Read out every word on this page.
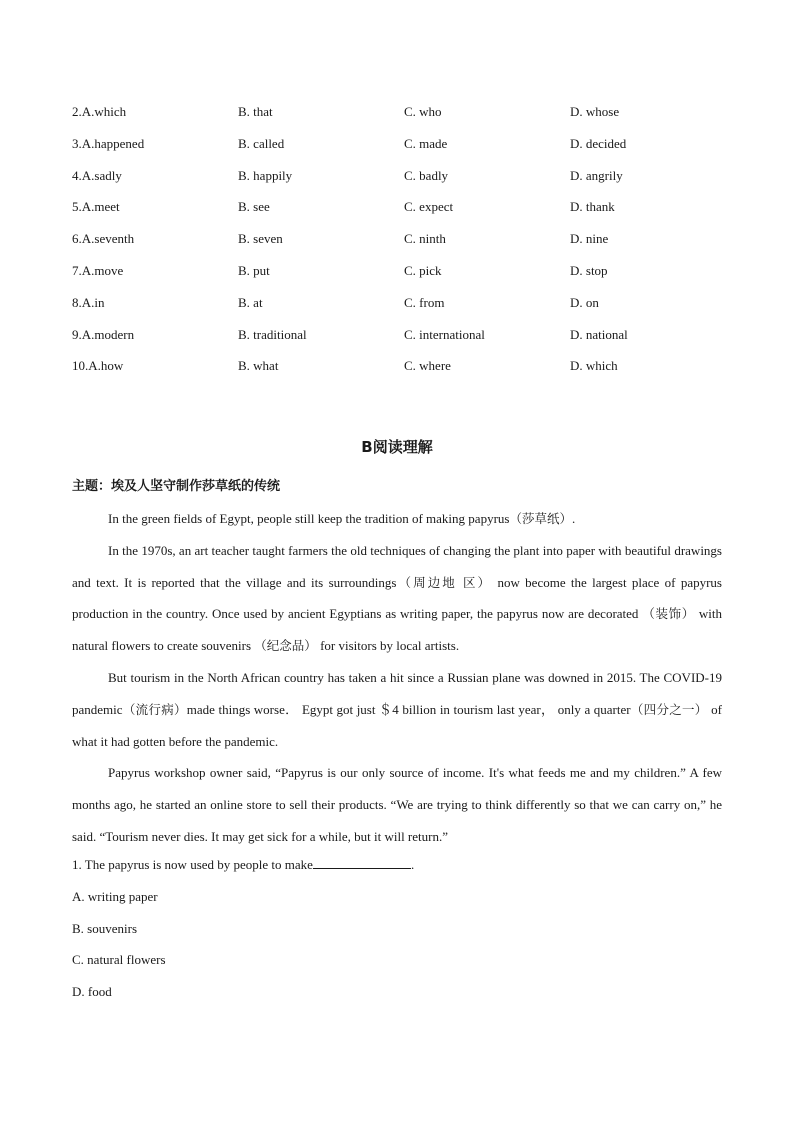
2.A.which	B. that	C. who	D. whose
3.A.happened	B. called	C. made	D. decided
4.A.sadly	B. happily	C. badly	D. angrily
5.A.meet	B. see	C. expect	D. thank
6.A.seventh	B. seven	C. ninth	D. nine
7.A.move	B. put	C. pick	D. stop
8.A.in	B. at	C. from	D. on
9.A.modern	B. traditional	C. international	D. national
10.A.how	B. what	C. where	D. which
B阅读理解
主题：埃及人坚守制作莎草纸的传统

In the green fields of Egypt, people still keep the tradition of making papyrus（莎草纸）.

In the 1970s, an art teacher taught farmers the old techniques of changing the plant into paper with beautiful drawings and text. It is reported that the village and its surroundings（周边地 区） now become the largest place of papyrus production in the country. Once used by ancient Egyptians as writing paper, the papyrus now are decorated （装饰） with natural flowers to create souvenirs （纪念品） for visitors by local artists.

But tourism in the North African country has taken a hit since a Russian plane was downed in 2015. The COVID-19 pandemic（流行病）made things worse． Egypt got just ＄4 billion in tourism last year， only a quarter（四分之一） of what it had gotten before the pandemic.

Papyrus workshop owner said, “Papyrus is our only source of income. It's what feeds me and my children.” A few months ago, he started an online store to sell their products. “We are trying to think differently so that we can carry on,” he said. “Tourism never dies. It may get sick for a while, but it will return.”

1. The papyrus is now used by people to make	.
A. writing paper
B. souvenirs
C. natural flowers
D. food
